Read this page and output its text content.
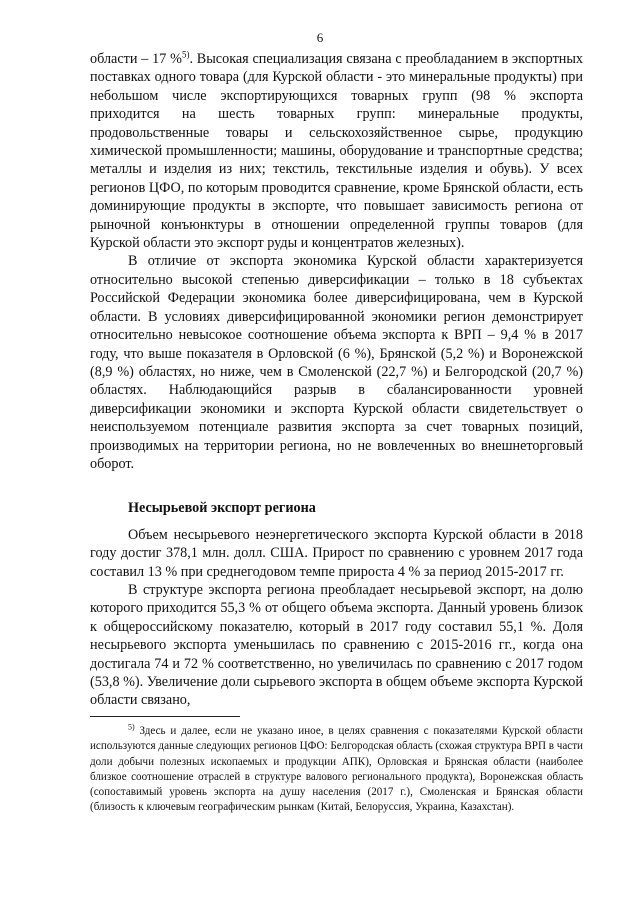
6

области – 17 %$^{5)}$. Высокая специализация связана с преобладанием в экспортных поставках одного товара (для Курской области - это минеральные продукты) при небольшом числе экспортирующихся товарных групп (98 % экспорта приходится на шесть товарных групп: минеральные продукты, продовольственные товары и сельскохозяйственное сырье, продукцию химической промышленности; машины, оборудование и транспортные средства; металлы и изделия из них; текстиль, текстильные изделия и обувь). У всех регионов ЦФО, по которым проводится сравнение, кроме Брянской области, есть доминирующие продукты в экспорте, что повышает зависимость региона от рыночной конъюнктуры в отношении определенной группы товаров (для Курской области это экспорт руды и концентратов железных).

В отличие от экспорта экономика Курской области характеризуется относительно высокой степенью диверсификации – только в 18 субъектах Российской Федерации экономика более диверсифицирована, чем в Курской области. В условиях диверсифицированной экономики регион демонстрирует относительно невысокое соотношение объема экспорта к ВРП – 9,4 % в 2017 году, что выше показателя в Орловской (6 %), Брянской (5,2 %) и Воронежской (8,9 %) областях, но ниже, чем в Смоленской (22,7 %) и Белгородской (20,7 %) областях. Наблюдающийся разрыв в сбалансированности уровней диверсификации экономики и экспорта Курской области свидетельствует о неиспользуемом потенциале развития экспорта за счет товарных позиций, производимых на территории региона, но не вовлеченных во внешнеторговый оборот.

Несырьевой экспорт региона

Объем несырьевого неэнергетического экспорта Курской области в 2018 году достиг 378,1 млн. долл. США. Прирост по сравнению с уровнем 2017 года составил 13 % при среднегодовом темпе прироста 4 % за период 2015-2017 гг.

В структуре экспорта региона преобладает несырьевой экспорт, на долю которого приходится 55,3 % от общего объема экспорта. Данный уровень близок к общероссийскому показателю, который в 2017 году составил 55,1 %. Доля несырьевого экспорта уменьшилась по сравнению с 2015-2016 гг., когда она достигала 74 и 72 % соответственно, но увеличилась по сравнению с 2017 годом (53,8 %). Увеличение доли сырьевого экспорта в общем объеме экспорта Курской области связано,

$^{5)}$ Здесь и далее, если не указано иное, в целях сравнения с показателями Курской области используются данные следующих регионов ЦФО: Белгородская область (схожая структура ВРП в части доли добычи полезных ископаемых и продукции АПК), Орловская и Брянская области (наиболее близкое соотношение отраслей в структуре валового регионального продукта), Воронежская область (сопоставимый уровень экспорта на душу населения (2017 г.), Смоленская и Брянская области (близость к ключевым географическим рынкам (Китай, Белоруссия, Украина, Казахстан).
